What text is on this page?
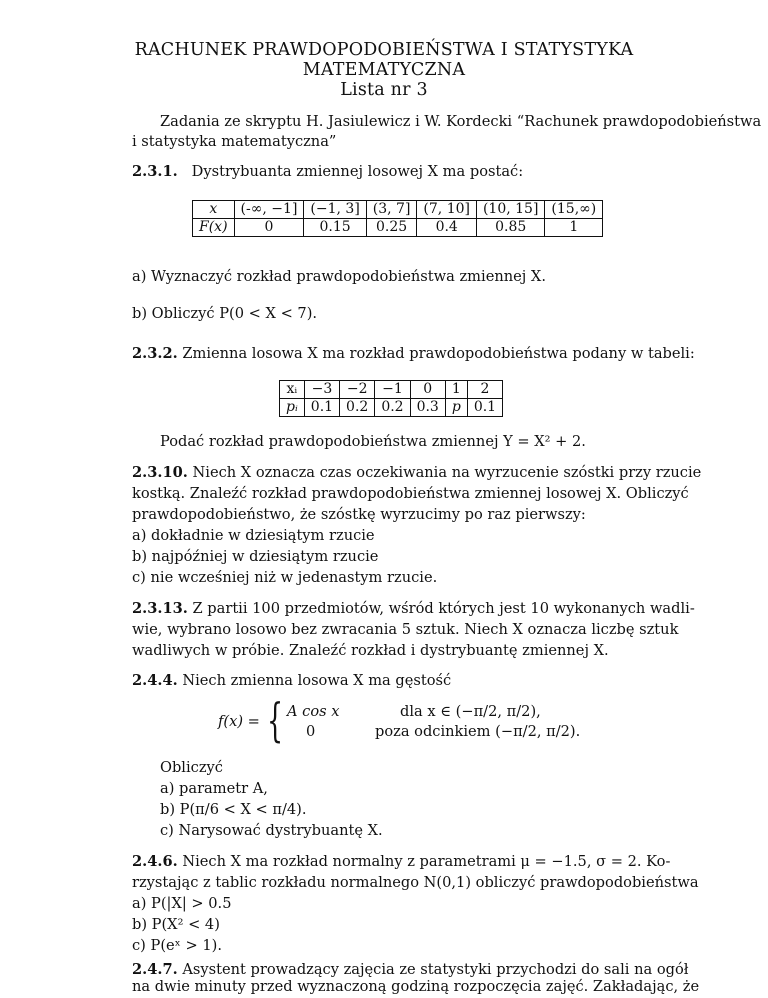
RACHUNEK PRAWDOPODOBIEŃSTWA I STATYSTYKA
MATEMATYCZNA
Lista nr 3
Zadania ze skryptu H. Jasiulewicz i W. Kordecki “Rachunek prawdopodobieństwa
i statystyka matematyczna”
2.3.1. Dystrybuanta zmiennej losowej X ma postać:
x	(-∞, −1]	(−1, 3]	(3, 7]	(7, 10]	(10, 15]	(15,∞)
F(x)	0	0.15	0.25	0.4	0.85	1
a) Wyznaczyć rozkład prawdopodobieństwa zmiennej X.
b) Obliczyć P(0 < X < 7).
2.3.2. Zmienna losowa X ma rozkład prawdopodobieństwa podany w tabeli:
xᵢ	−3	−2	−1	0	1	2
pᵢ	0.1	0.2	0.2	0.3	p	0.1
Podać rozkład prawdopodobieństwa zmiennej Y = X² + 2.
2.3.10. Niech X oznacza czas oczekiwania na wyrzucenie szóstki przy rzucie
kostką. Znaleźć rozkład prawdopodobieństwa zmiennej losowej X. Obliczyć
prawdopodobieństwo, że szóstkę wyrzucimy po raz pierwszy:
a) dokładnie w dziesiątym rzucie
b) najpóźniej w dziesiątym rzucie
c) nie wcześniej niż w jedenastym rzucie.
2.3.13. Z partii 100 przedmiotów, wśród których jest 10 wykonanych wadli-
wie, wybrano losowo bez zwracania 5 sztuk. Niech X oznacza liczbę sztuk
wadliwych w próbie. Znaleźć rozkład i dystrybuantę zmiennej X.
2.4.4. Niech zmienna losowa X ma gęstość
f(x) = { A cos x	dla x ∈ (−π/2, π/2),
0	poza odcinkiem (−π/2, π/2).
Obliczyć
a) parametr A,
b) P(π/6 < X < π/4).
c) Narysować dystrybuantę X.
2.4.6. Niech X ma rozkład normalny z parametrami μ = −1.5, σ = 2. Ko-
rzystając z tablic rozkładu normalnego N(0,1) obliczyć prawdopodobieństwa
a) P(|X| > 0.5
b) P(X² < 4)
c) P(eˣ > 1).
2.4.7. Asystent prowadzący zajęcia ze statystyki przychodzi do sali na ogół
na dwie minuty przed wyznaczoną godziną rozpoczęcia zajęć. Zakładając, że
